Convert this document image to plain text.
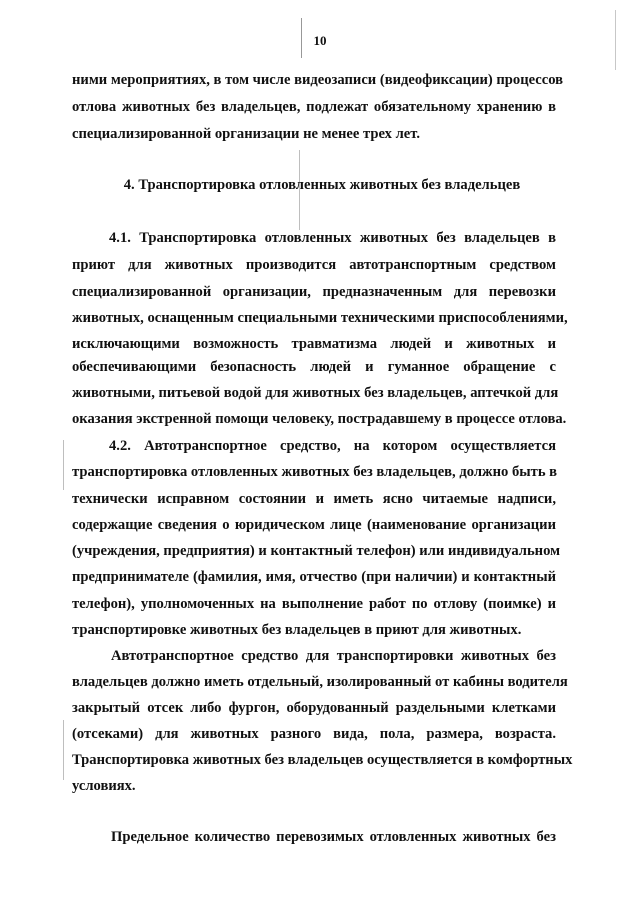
10
ними мероприятиях, в том числе видеозаписи (видеофиксации) процессов
отлова животных без владельцев, подлежат обязательному хранению в
специализированной организации не менее трех лет.
4. Транспортировка отловленных животных без владельцев
4.1. Транспортировка отловленных животных без владельцев в
приют для животных производится автотранспортным средством
специализированной организации, предназначенным для перевозки
животных, оснащенным специальными техническими приспособлениями,
исключающими возможность травматизма людей и животных и
обеспечивающими безопасность людей и гуманное обращение с
животными, питьевой водой для животных без владельцев, аптечкой для
оказания экстренной помощи человеку, пострадавшему в процессе отлова.
4.2. Автотранспортное средство, на котором осуществляется
транспортировка отловленных животных без владельцев, должно быть в
технически исправном состоянии и иметь ясно читаемые надписи,
содержащие сведения о юридическом лице (наименование организации
(учреждения, предприятия) и контактный телефон) или индивидуальном
предпринимателе (фамилия, имя, отчество (при наличии) и контактный
телефон), уполномоченных на выполнение работ по отлову (поимке) и
транспортировке животных без владельцев в приют для животных.
Автотранспортное средство для транспортировки животных без
владельцев должно иметь отдельный, изолированный от кабины водителя
закрытый отсек либо фургон, оборудованный раздельными клетками
(отсеками) для животных разного вида, пола, размера, возраста.
Транспортировка животных без владельцев осуществляется в комфортных
условиях.
Предельное количество перевозимых отловленных животных без
